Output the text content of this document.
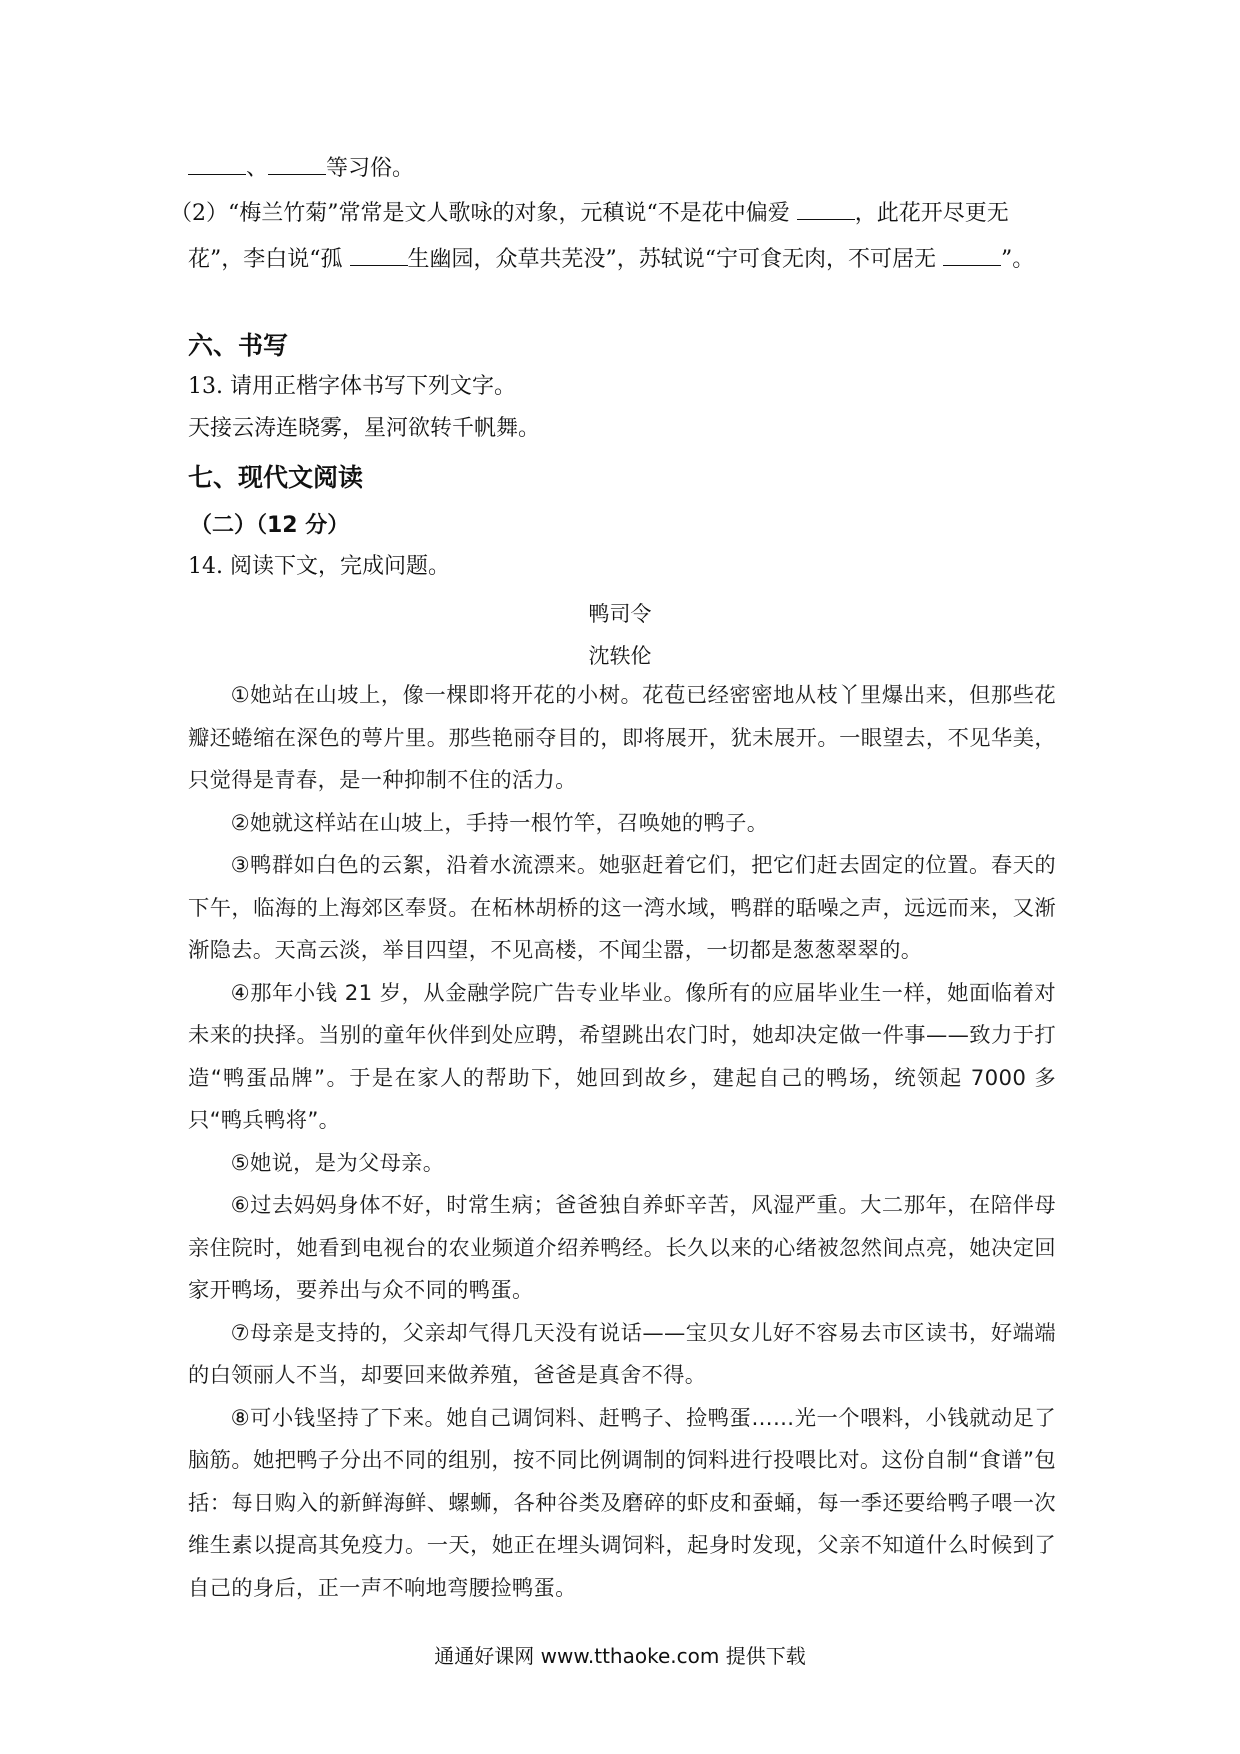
、	等习俗。
（2）“梅兰竹菊”常常是文人歌咏的对象，元稹说“不是花中偏爱	，此花开尽更无
花”，李白说“孤	生幽园，众草共芜没”，苏轼说“宁可食无肉，不可居无	”。
六、书写
13. 请用正楷字体书写下列文字。
天接云涛连晓雾，星河欲转千帆舞。
七、现代文阅读
（二）（12 分）
14. 阅读下文，完成问题。
鸭司令
沈轶伦

①她站在山坡上，像一棵即将开花的小树。花苞已经密密地从枝丫里爆出来，但那些花瓣还蜷缩在深色的萼片里。那些艳丽夺目的，即将展开，犹未展开。一眼望去，不见华美，只觉得是青春，是一种抑制不住的活力。

②她就这样站在山坡上，手持一根竹竿，召唤她的鸭子。

③鸭群如白色的云絮，沿着水流漂来。她驱赶着它们，把它们赶去固定的位置。春天的下午，临海的上海郊区奉贤。在柘林胡桥的这一湾水域，鸭群的聒噪之声，远远而来，又渐渐隐去。天高云淡，举目四望，不见高楼，不闻尘嚣，一切都是葱葱翠翠的。

④那年小钱 21 岁，从金融学院广告专业毕业。像所有的应届毕业生一样，她面临着对未来的抉择。当别的童年伙伴到处应聘，希望跳出农门时，她却决定做一件事——致力于打造“鸭蛋品牌”。于是在家人的帮助下，她回到故乡，建起自己的鸭场，统领起 7000 多只“鸭兵鸭将”。

⑤她说，是为父母亲。

⑥过去妈妈身体不好，时常生病；爸爸独自养虾辛苦，风湿严重。大二那年，在陪伴母亲住院时，她看到电视台的农业频道介绍养鸭经。长久以来的心绪被忽然间点亮，她决定回家开鸭场，要养出与众不同的鸭蛋。

⑦母亲是支持的，父亲却气得几天没有说话——宝贝女儿好不容易去市区读书，好端端的白领丽人不当，却要回来做养殖，爸爸是真舍不得。

⑧可小钱坚持了下来。她自己调饲料、赶鸭子、捡鸭蛋……光一个喂料，小钱就动足了脑筋。她把鸭子分出不同的组别，按不同比例调制的饲料进行投喂比对。这份自制“食谱”包括：每日购入的新鲜海鲜、螺蛳，各种谷类及磨碎的虾皮和蚕蛹，每一季还要给鸭子喂一次维生素以提高其免疫力。一天，她正在埋头调饲料，起身时发现，父亲不知道什么时候到了自己的身后，正一声不响地弯腰捡鸭蛋。

通通好课网 www.tthaoke.com 提供下载
